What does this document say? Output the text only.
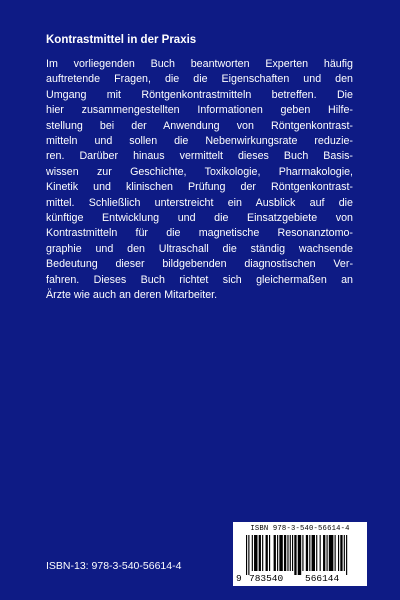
Kontrastmittel in der Praxis
Im vorliegenden Buch beantworten Experten häufig
auftretende Fragen, die die Eigenschaften und den
Umgang mit Röntgenkontrastmitteln betreffen. Die
hier zusammengestellten Informationen geben Hilfe-
stellung bei der Anwendung von Röntgenkontrast-
mitteln und sollen die Nebenwirkungsrate reduzie-
ren. Darüber hinaus vermittelt dieses Buch Basis-
wissen zur Geschichte, Toxikologie, Pharmakologie,
Kinetik und klinischen Prüfung der Röntgenkontrast-
mittel. Schließlich unterstreicht ein Ausblick auf die
künftige Entwicklung und die Einsatzgebiete von
Kontrastmitteln für die magnetische Resonanztomo-
graphie und den Ultraschall die ständig wachsende
Bedeutung dieser bildgebenden diagnostischen Ver-
fahren. Dieses Buch richtet sich gleichermaßen an
Ärzte wie auch an deren Mitarbeiter.
ISBN-13: 978-3-540-56614-4
ISBN 978-3-540-56614-4
9 783540 566144
